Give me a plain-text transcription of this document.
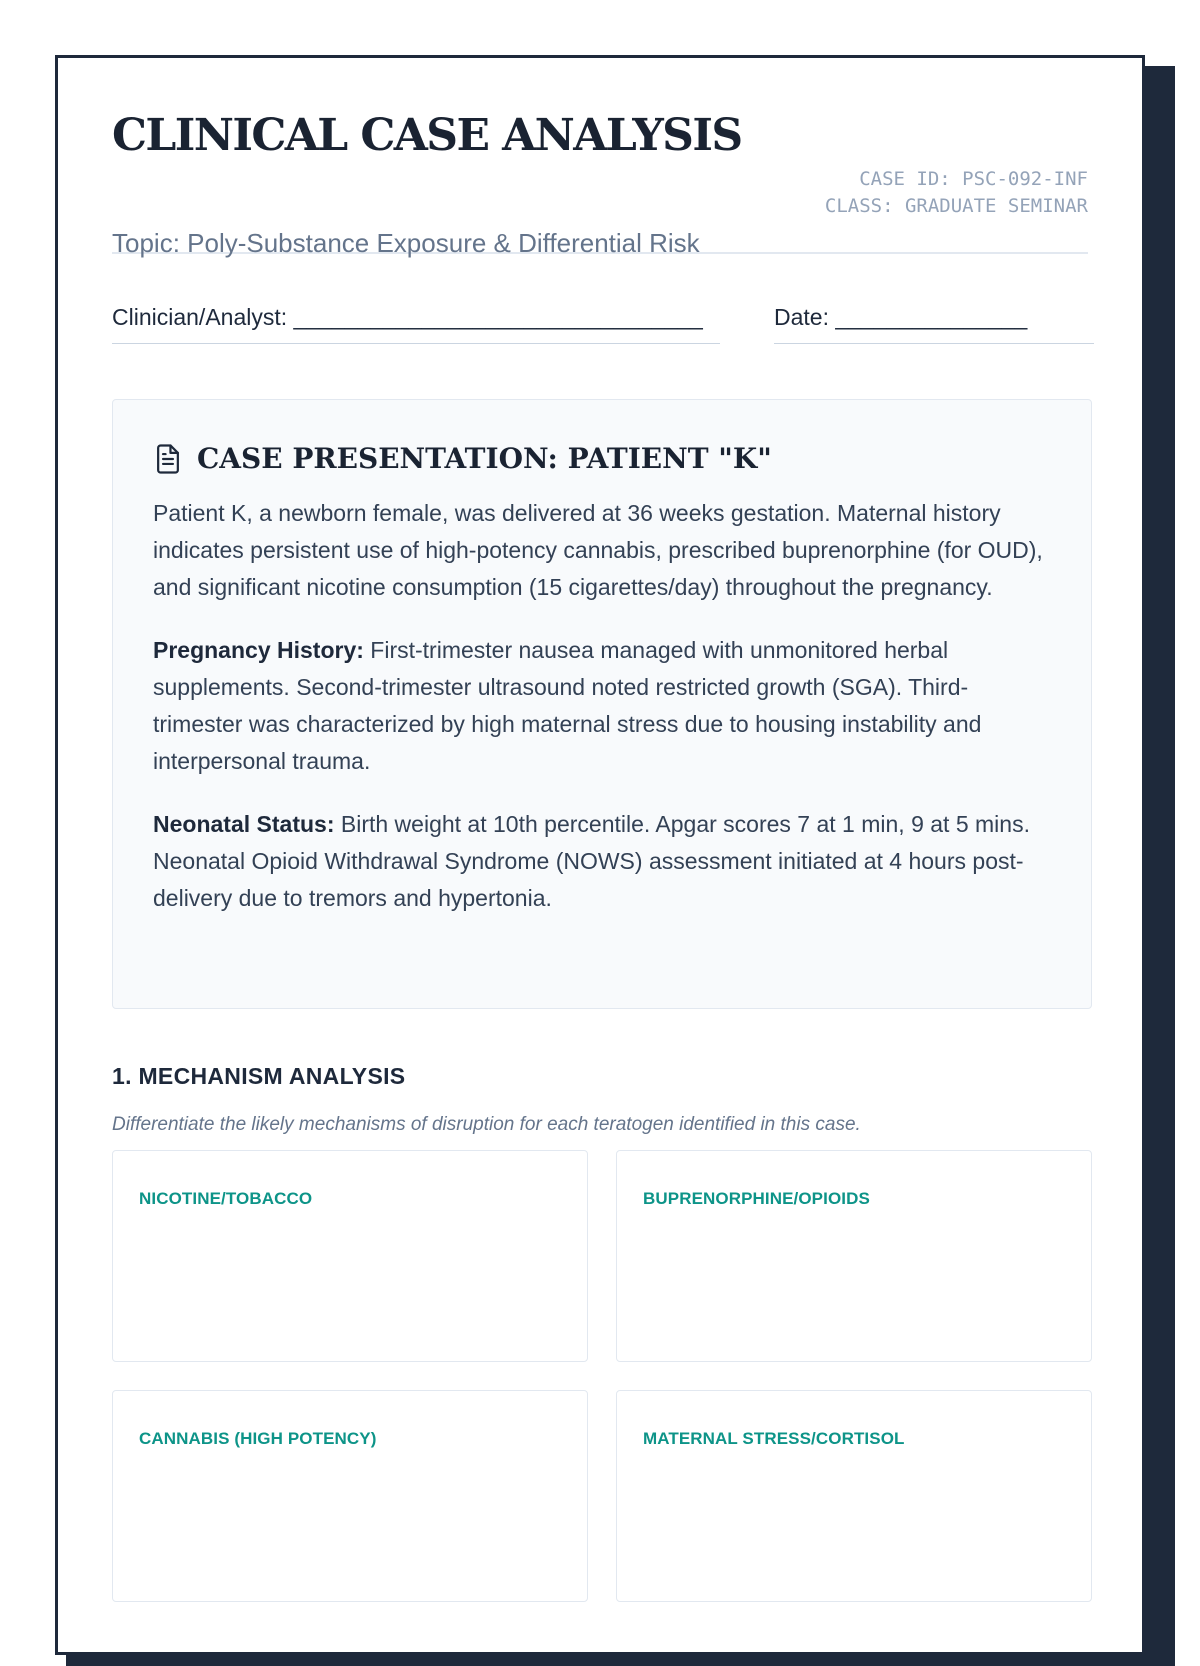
CLINICAL CASE ANALYSIS
CASE ID: PSC-092-INF
CLASS: GRADUATE SEMINAR

Topic: Poly-Substance Exposure & Differential Risk

Clinician/Analyst: ________________________________	Date: _______________
CASE PRESENTATION: PATIENT "K"

Patient K, a newborn female, was delivered at 36 weeks gestation. Maternal history indicates persistent use of high-potency cannabis, prescribed buprenorphine (for OUD), and significant nicotine consumption (15 cigarettes/day) throughout the pregnancy.

Pregnancy History: First-trimester nausea managed with unmonitored herbal supplements. Second-trimester ultrasound noted restricted growth (SGA). Third-trimester was characterized by high maternal stress due to housing instability and interpersonal trauma.

Neonatal Status: Birth weight at 10th percentile. Apgar scores 7 at 1 min, 9 at 5 mins. Neonatal Opioid Withdrawal Syndrome (NOWS) assessment initiated at 4 hours post-delivery due to tremors and hypertonia.

1. MECHANISM ANALYSIS

Differentiate the likely mechanisms of disruption for each teratogen identified in this case.

NICOTINE/TOBACCO	BUPRENORPHINE/OPIOIDS
CANNABIS (HIGH POTENCY)	MATERNAL STRESS/CORTISOL
